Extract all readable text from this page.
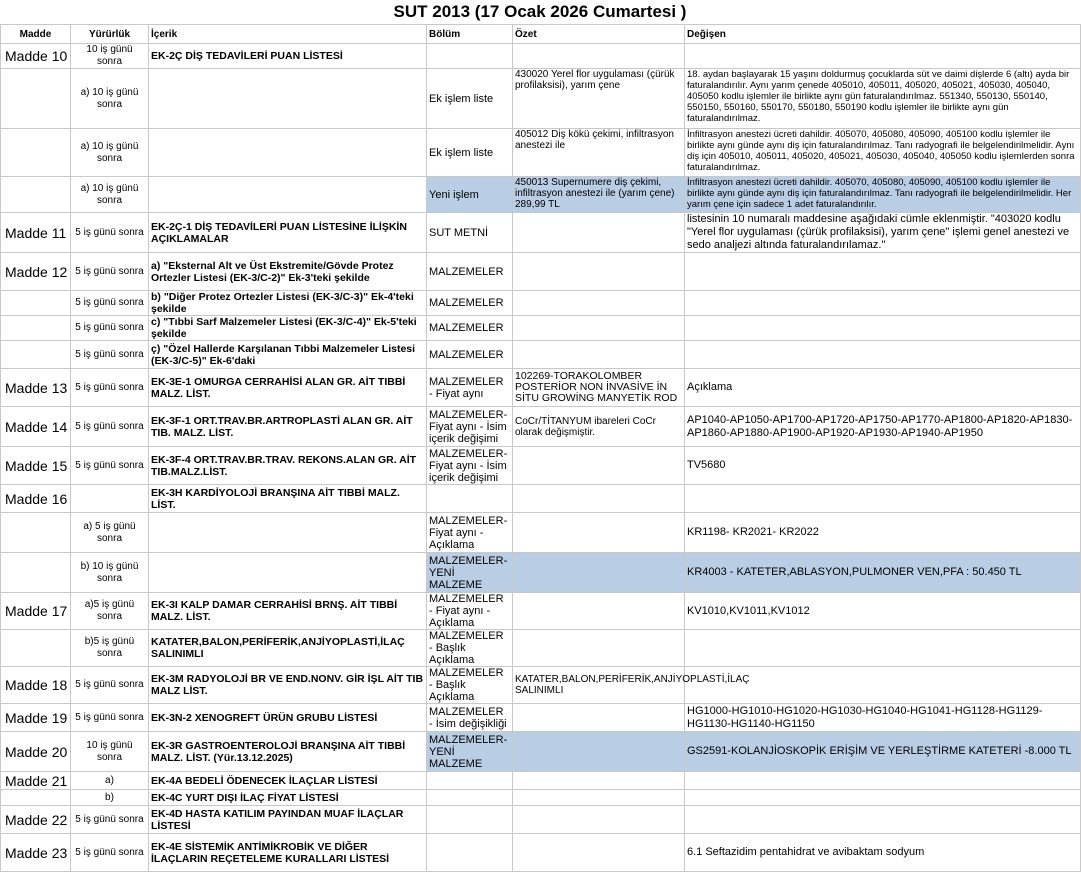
SUT 2013 (17 Ocak 2026 Cumartesi )
Madde	Yürürlük	İçerik	Bölüm	Özet	Değişen
Madde 10	10 iş günü sonra	EK-2Ç DİŞ TEDAVİLERİ PUAN LİSTESİ			
	a) 10 iş günü sonra		Ek işlem liste	430020 Yerel flor uygulaması (çürük profilaksisi), yarım çene	18. aydan başlayarak 15 yaşını doldurmuş çocuklarda süt ve daimi dişlerde 6 (altı) ayda bir faturalandırılır. Aynı yarım çenede 405010, 405011, 405020, 405021, 405030, 405040, 405050 kodlu işlemler ile birlikte aynı gün faturalandırılmaz. 551340, 550130, 550140, 550150, 550160, 550170, 550180, 550190 kodlu işlemler ile birlikte aynı gün faturalandırılmaz.
	a) 10 iş günü sonra		Ek işlem liste	405012 Diş kökü çekimi, infiltrasyon anestezi ile	İnfiltrasyon anestezi ücreti dahildir. 405070, 405080, 405090, 405100 kodlu işlemler ile birlikte aynı günde aynı diş için faturalandırılmaz. Tanı radyografi ile belgelendirilmelidir. Aynı diş için 405010, 405011, 405020, 405021, 405030, 405040, 405050 kodlu işlemlerden sonra faturalandırılmaz.
	a) 10 iş günü sonra		Yeni işlem	450013 Supernumere diş çekimi, infiltrasyon anestezi ile (yarım çene) 289,99 TL	İnfiltrasyon anestezi ücreti dahildir. 405070, 405080, 405090, 405100 kodlu işlemler ile birlikte aynı günde aynı diş için faturalandırılmaz. Tanı radyografi ile belgelendirilmelidir. Her yarım çene için sadece 1 adet faturalandırılır.
Madde 11	5 iş günü sonra	EK-2Ç-1 DİŞ TEDAVİLERİ PUAN LİSTESİNE İLİŞKİN AÇIKLAMALAR	SUT METNİ		listesinin 10 numaralı maddesine aşağıdaki cümle eklenmiştir. "403020 kodlu "Yerel flor uygulaması (çürük profilaksisi), yarım çene" işlemi genel anestezi ve sedo analjezi altında faturalandırılamaz."
Madde 12	5 iş günü sonra	a) "Eksternal Alt ve Üst Ekstremite/Gövde Protez Ortezler Listesi (EK-3/C-2)" Ek-3'teki şekilde	MALZEMELER		
	5 iş günü sonra	b) "Diğer Protez Ortezler Listesi (EK-3/C-3)" Ek-4'teki şekilde	MALZEMELER		
	5 iş günü sonra	c) "Tıbbi Sarf Malzemeler Listesi (EK-3/C-4)" Ek-5'teki şekilde	MALZEMELER		
	5 iş günü sonra	ç) "Özel Hallerde Karşılanan Tıbbi Malzemeler Listesi (EK-3/C-5)" Ek-6'daki	MALZEMELER		
Madde 13	5 iş günü sonra	EK-3E-1 OMURGA CERRAHİSİ ALAN GR. AİT TIBBİ MALZ. LİST.	MALZEMELER - Fiyat aynı	102269-TORAKOLOMBER POSTERİOR NON İNVASİVE İN SİTU GROWİNG MANYETİK ROD	Açıklama
Madde 14	5 iş günü sonra	EK-3F-1 ORT.TRAV.BR.ARTROPLASTİ ALAN GR. AİT TIB. MALZ. LİST.	MALZEMELER-Fiyat aynı - İsim içerik değişimi	CoCr/TİTANYUM ibareleri CoCr olarak değişmiştir.	AP1040-AP1050-AP1700-AP1720-AP1750-AP1770-AP1800-AP1820-AP1830-AP1860-AP1880-AP1900-AP1920-AP1930-AP1940-AP1950
Madde 15	5 iş günü sonra	EK-3F-4 ORT.TRAV.BR.TRAV. REKONS.ALAN GR. AİT TIB.MALZ.LİST.	MALZEMELER-Fiyat aynı - İsim içerik değişimi		TV5680
Madde 16		EK-3H KARDİYOLOJİ BRANŞINA AİT TIBBİ MALZ. LİST.			
	a) 5 iş günü sonra		MALZEMELER-Fiyat aynı - Açıklama		KR1198- KR2021- KR2022
	b) 10 iş günü sonra		MALZEMELER-YENİ MALZEME		KR4003 - KATETER,ABLASYON,PULMONER VEN,PFA : 50.450 TL
Madde 17	a)5 iş günü sonra	EK-3I KALP DAMAR CERRAHİSİ BRNŞ. AİT TIBBİ MALZ. LİST.	MALZEMELER - Fiyat aynı - Açıklama		KV1010,KV1011,KV1012
	b)5 iş günü sonra	KATATER,BALON,PERİFERİK,ANJİYOPLASTİ,İLAÇ SALINIMLI	MALZEMELER - Başlık Açıklama		
Madde 18	5 iş günü sonra	EK-3M RADYOLOJİ BR VE END.NONV. GİR İŞL AİT TIB MALZ LİST.	MALZEMELER - Başlık Açıklama	KATATER,BALON,PERİFERİK,ANJİYOPLASTİ,İLAÇ SALINIMLI	
Madde 19	5 iş günü sonra	EK-3N-2 XENOGREFT ÜRÜN GRUBU LİSTESİ	MALZEMELER - İsim değişikliği		HG1000-HG1010-HG1020-HG1030-HG1040-HG1041-HG1128-HG1129-HG1130-HG1140-HG1150
Madde 20	10 iş günü sonra	EK-3R GASTROENTEROLOJİ BRANŞINA AİT TIBBİ MALZ. LİST. (Yür.13.12.2025)	MALZEMELER-YENİ MALZEME		GS2591-KOLANJİOSKOPİK ERİŞİM VE YERLEŞTİRME KATETERİ -8.000 TL
Madde 21	a)	EK-4A BEDELİ ÖDENECEK İLAÇLAR LİSTESİ			
	b)	EK-4C YURT DIŞI İLAÇ FİYAT LİSTESİ			
Madde 22	5 iş günü sonra	EK-4D HASTA KATILIM PAYINDAN MUAF İLAÇLAR LİSTESİ			
Madde 23	5 iş günü sonra	EK-4E SİSTEMİK ANTİMİKROBİK VE DİĞER İLAÇLARIN REÇETELEME KURALLARI LİSTESİ			6.1 Seftazidim pentahidrat ve avibaktam sodyum
